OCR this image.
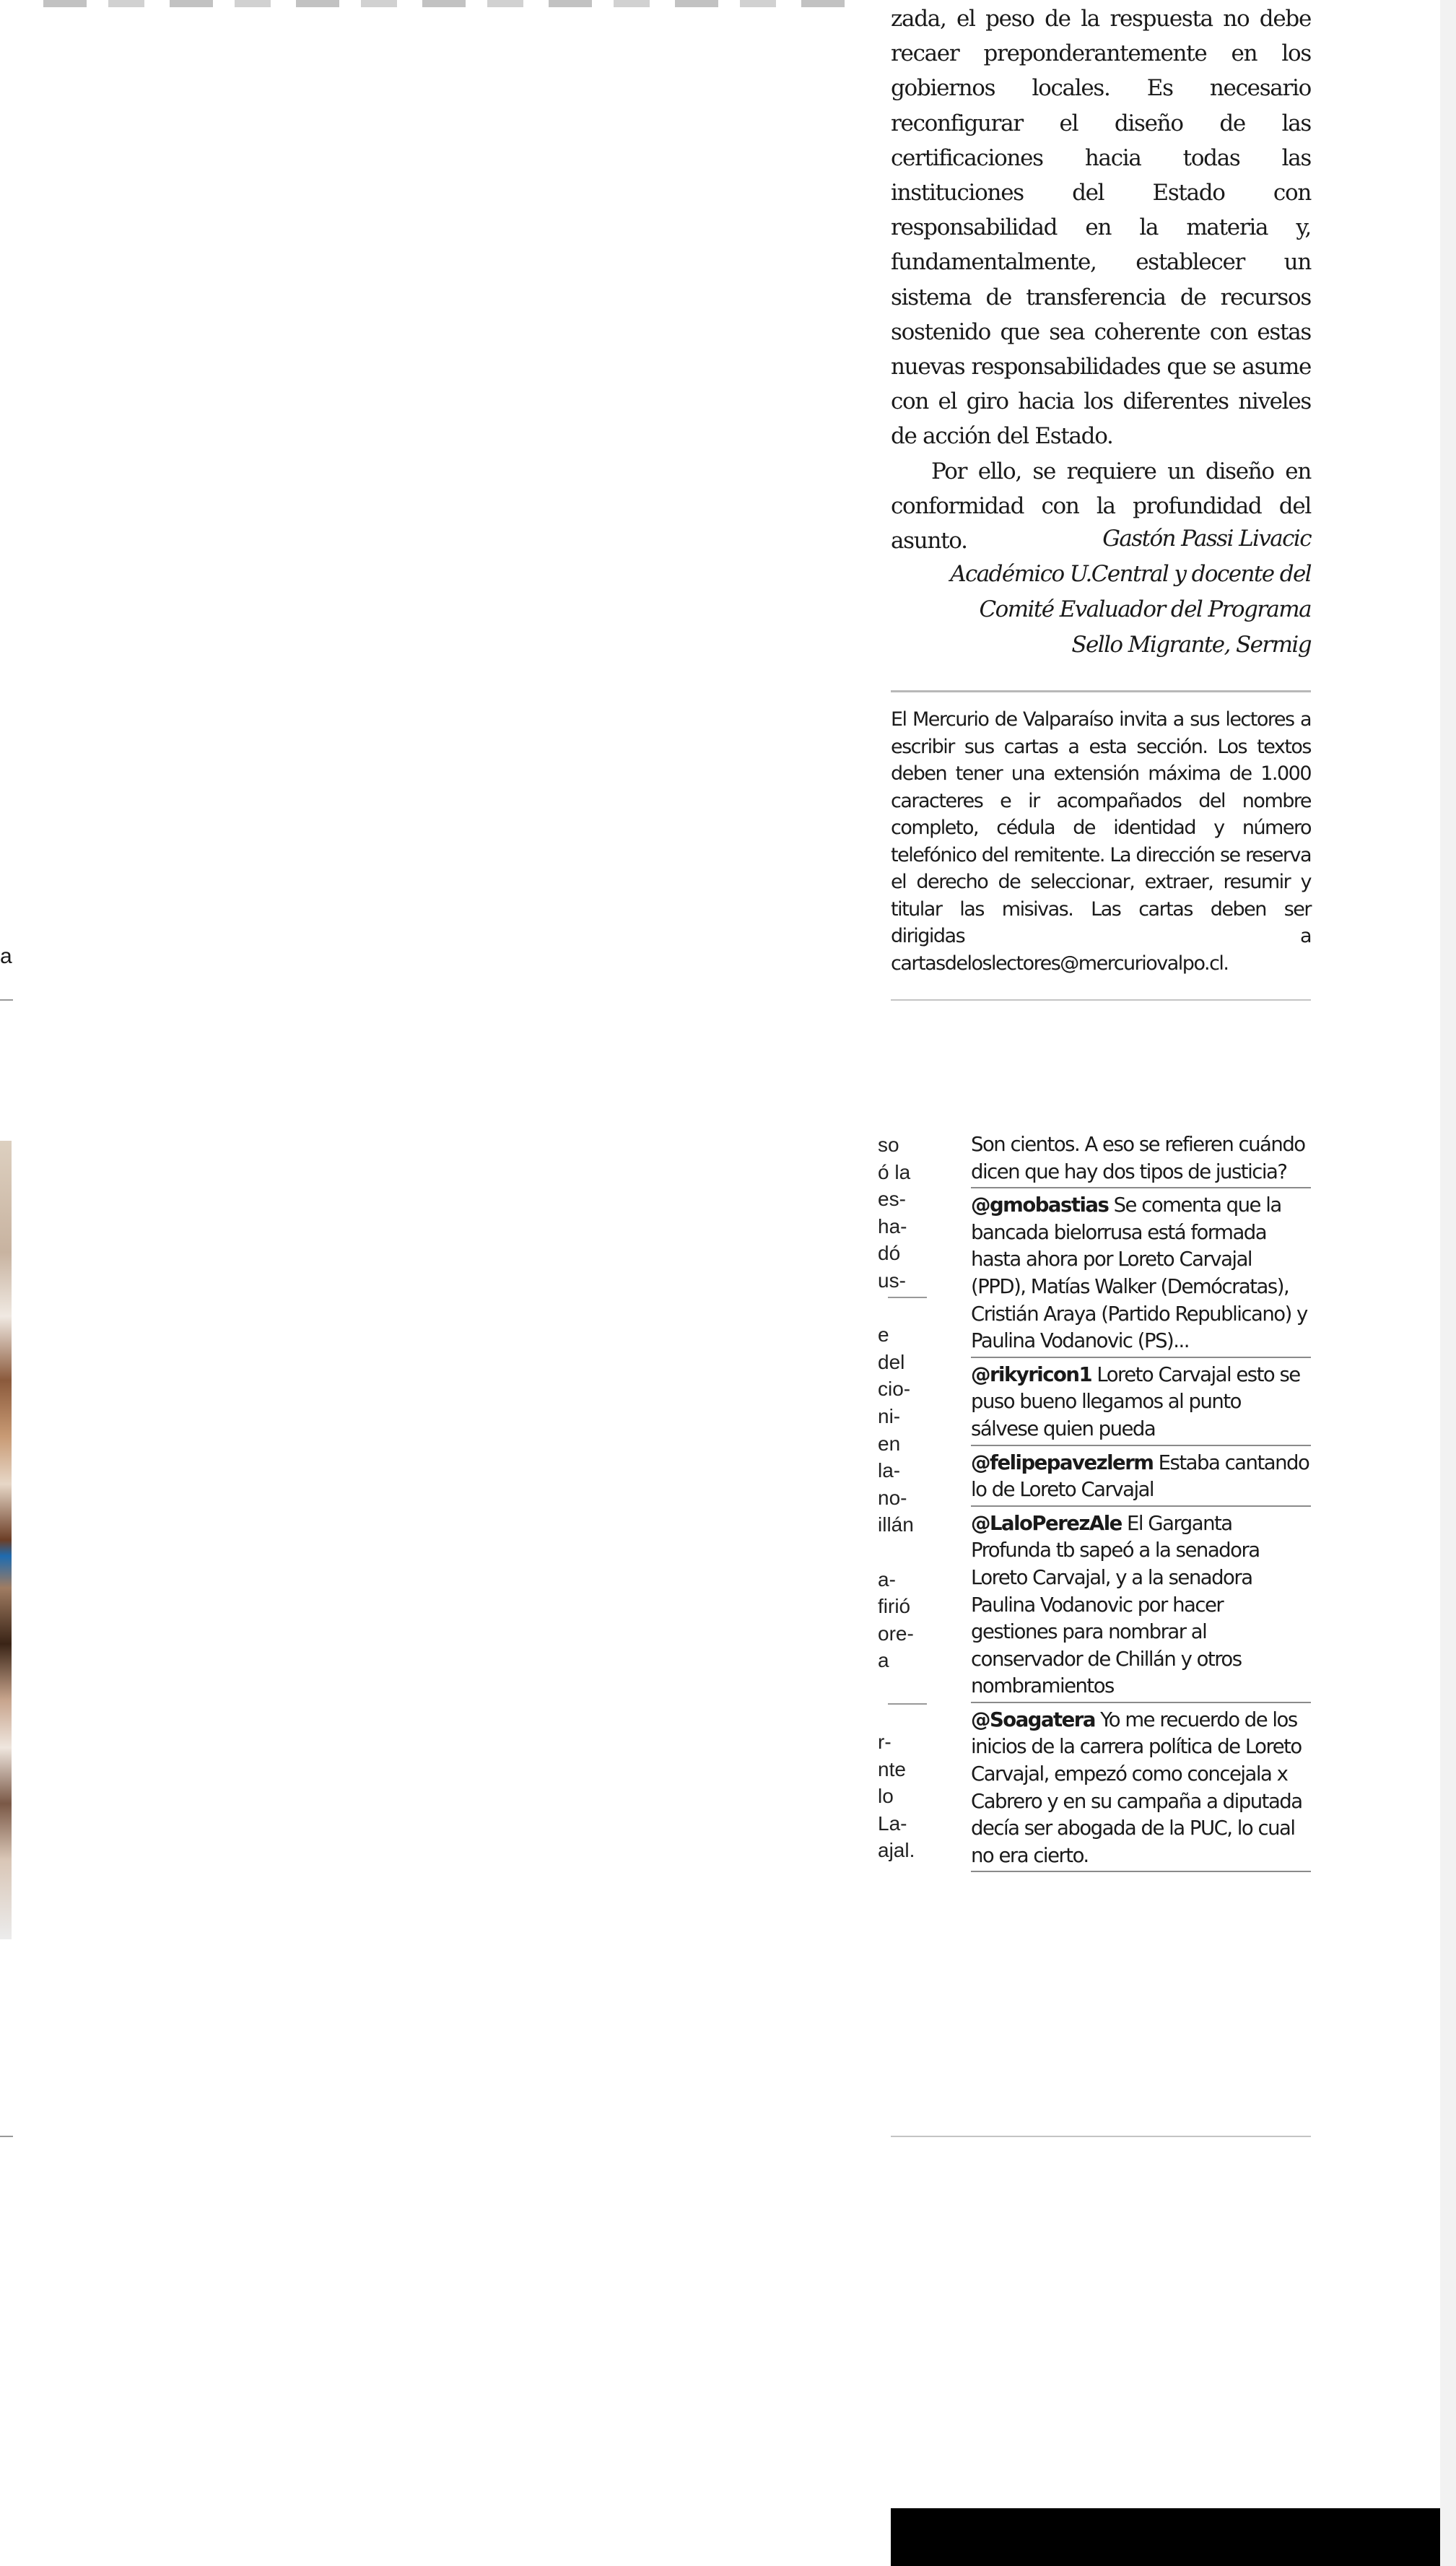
zada, el peso de la respuesta no debe recaer preponderantemente en los gobiernos locales. Es necesario reconfigurar el diseño de las certificaciones hacia todas las instituciones del Estado con responsabilidad en la materia y, fundamentalmente, establecer un sistema de transferencia de recursos sostenido que sea coherente con estas nuevas responsabilidades que se asume con el giro hacia los diferentes niveles de acción del Estado.

Por ello, se requiere un diseño en conformidad con la profundidad del asunto.	Gastón Passi Livacic
Académico U.Central y docente del
Comité Evaluador del Programa
Sello Migrante, Sermig

El Mercurio de Valparaíso invita a sus lectores a escribir sus cartas a esta sección. Los textos deben tener una extensión máxima de 1.000 caracteres e ir acompañados del nombre completo, cédula de identidad y número telefónico del remitente. La dirección se reserva el derecho de seleccionar, extraer, resumir y titular las misivas. Las cartas deben ser dirigidas a cartasdeloslectores@mercuriovalpo.cl.

a
so
ó la
es-
ha-
dó
us-
e
del
cio-
ni-
en
la-
no-
illán
a-
firió
ore-
a
r-
nte
lo
La-
ajal.
Son cientos. A eso se refieren cuándo dicen que hay dos tipos de justicia?
@gmobastias Se comenta que la bancada bielorrusa está formada hasta ahora por Loreto Carvajal (PPD), Matías Walker (Demócratas), Cristián Araya (Partido Republicano) y Paulina Vodanovic (PS)...
@rikyricon1 Loreto Carvajal esto se puso bueno llegamos al punto sálvese quien pueda
@felipepavezlerm Estaba cantando lo de Loreto Carvajal
@LaloPerezAle El Garganta Profunda tb sapeó a la senadora Loreto Carvajal, y a la senadora Paulina Vodanovic por hacer gestiones para nombrar al conservador de Chillán y otros nombramientos
@Soagatera Yo me recuerdo de los inicios de la carrera política de Loreto Carvajal, empezó como concejala x Cabrero y en su campaña a diputada decía ser abogada de la PUC, lo cual no era cierto.
